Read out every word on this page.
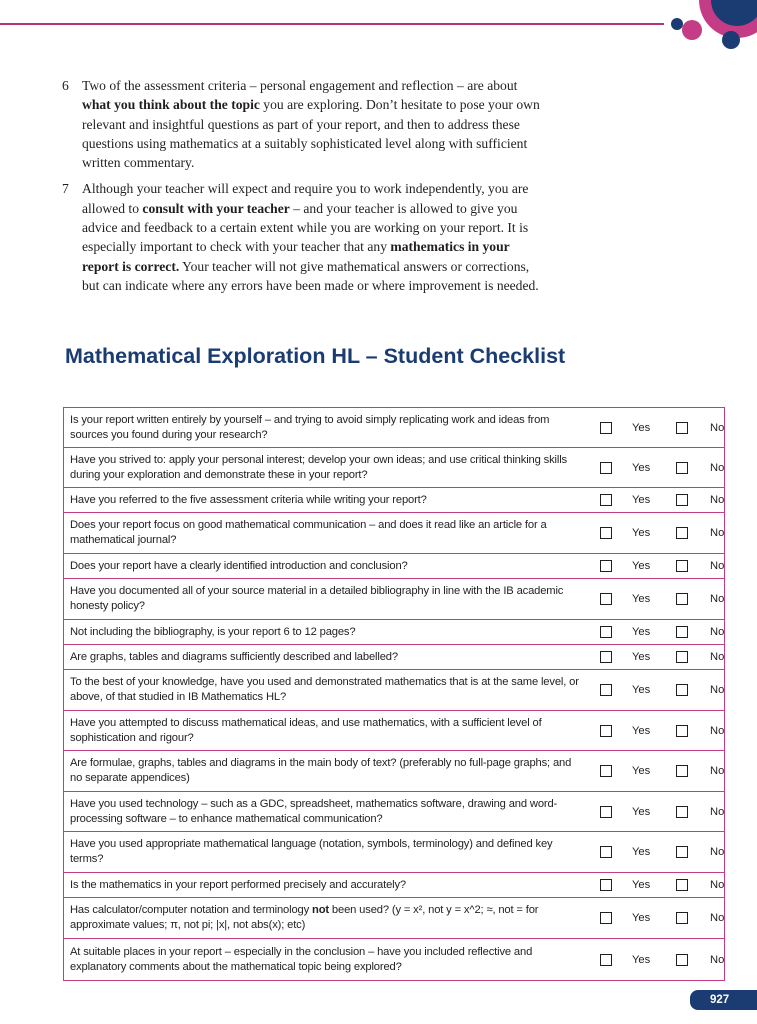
6 Two of the assessment criteria – personal engagement and reflection – are about what you think about the topic you are exploring. Don’t hesitate to pose your own relevant and insightful questions as part of your report, and then to address these questions using mathematics at a suitably sophisticated level along with sufficient written commentary.
7 Although your teacher will expect and require you to work independently, you are allowed to consult with your teacher – and your teacher is allowed to give you advice and feedback to a certain extent while you are working on your report. It is especially important to check with your teacher that any mathematics in your report is correct. Your teacher will not give mathematical answers or corrections, but can indicate where any errors have been made or where improvement is needed.
Mathematical Exploration HL – Student Checklist
Is your report written entirely by yourself – and trying to avoid simply replicating work and ideas from sources you found during your research?
Yes	No
Have you strived to: apply your personal interest; develop your own ideas; and use critical thinking skills during your exploration and demonstrate these in your report?
Yes	No
Have you referred to the five assessment criteria while writing your report?	Yes	No
Does your report focus on good mathematical communication – and does it read like an article for a mathematical journal?
Yes	No
Does your report have a clearly identified introduction and conclusion?	Yes	No
Have you documented all of your source material in a detailed bibliography in line with the IB academic honesty policy?
Yes	No
Not including the bibliography, is your report 6 to 12 pages?	Yes	No
Are graphs, tables and diagrams sufficiently described and labelled?	Yes	No
To the best of your knowledge, have you used and demonstrated mathematics that is at the same level, or above, of that studied in IB Mathematics HL?
Yes	No
Have you attempted to discuss mathematical ideas, and use mathematics, with a sufficient level of sophistication and rigour?
Yes	No
Are formulae, graphs, tables and diagrams in the main body of text? (preferably no full-page graphs; and no separate appendices)
Yes	No
Have you used technology – such as a GDC, spreadsheet, mathematics software, drawing and word-processing software – to enhance mathematical communication?
Yes	No
Have you used appropriate mathematical language (notation, symbols, terminology) and defined key terms?
Yes	No
Is the mathematics in your report performed precisely and accurately?	Yes	No
Has calculator/computer notation and terminology not been used? (y = x², not y = x^2; ≈, not = for approximate values; π, not pi; |x|, not abs(x); etc)
Yes	No
At suitable places in your report – especially in the conclusion – have you included reflective and explanatory comments about the mathematical topic being explored?
Yes	No
927
